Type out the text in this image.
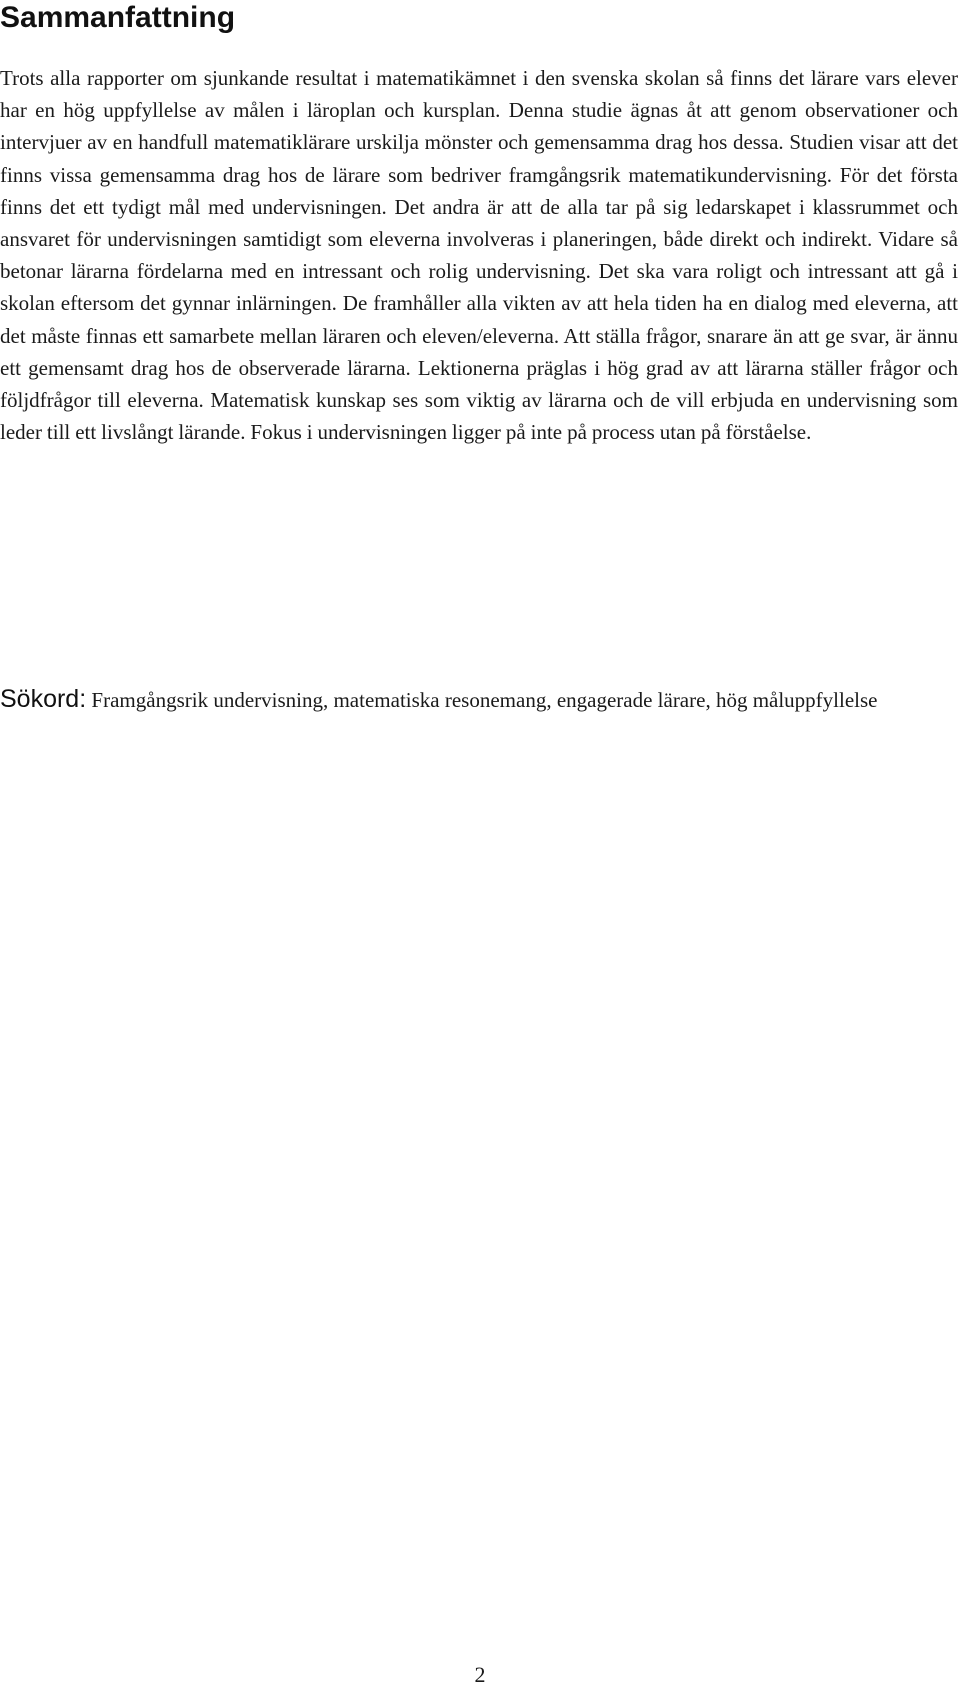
Sammanfattning

Trots alla rapporter om sjunkande resultat i matematikämnet i den svenska skolan så finns det lärare vars elever har en hög uppfyllelse av målen i läroplan och kursplan. Denna studie ägnas åt att genom observationer och intervjuer av en handfull matematiklärare urskilja mönster och gemensamma drag hos dessa. Studien visar att det finns vissa gemensamma drag hos de lärare som bedriver framgångsrik matematikundervisning. För det första finns det ett tydigt mål med undervisningen. Det andra är att de alla tar på sig ledarskapet i klassrummet och ansvaret för undervisningen samtidigt som eleverna involveras i planeringen, både direkt och indirekt. Vidare så betonar lärarna fördelarna med en intressant och rolig undervisning. Det ska vara roligt och intressant att gå i skolan eftersom det gynnar inlärningen. De framhåller alla vikten av att hela tiden ha en dialog med eleverna, att det måste finnas ett samarbete mellan läraren och eleven/eleverna. Att ställa frågor, snarare än att ge svar, är ännu ett gemensamt drag hos de observerade lärarna. Lektionerna präglas i hög grad av att lärarna ställer frågor och följdfrågor till eleverna. Matematisk kunskap ses som viktig av lärarna och de vill erbjuda en undervisning som leder till ett livslångt lärande. Fokus i undervisningen ligger på inte på process utan på förståelse.

Sökord: Framgångsrik undervisning, matematiska resonemang, engagerade lärare, hög måluppfyllelse

2
